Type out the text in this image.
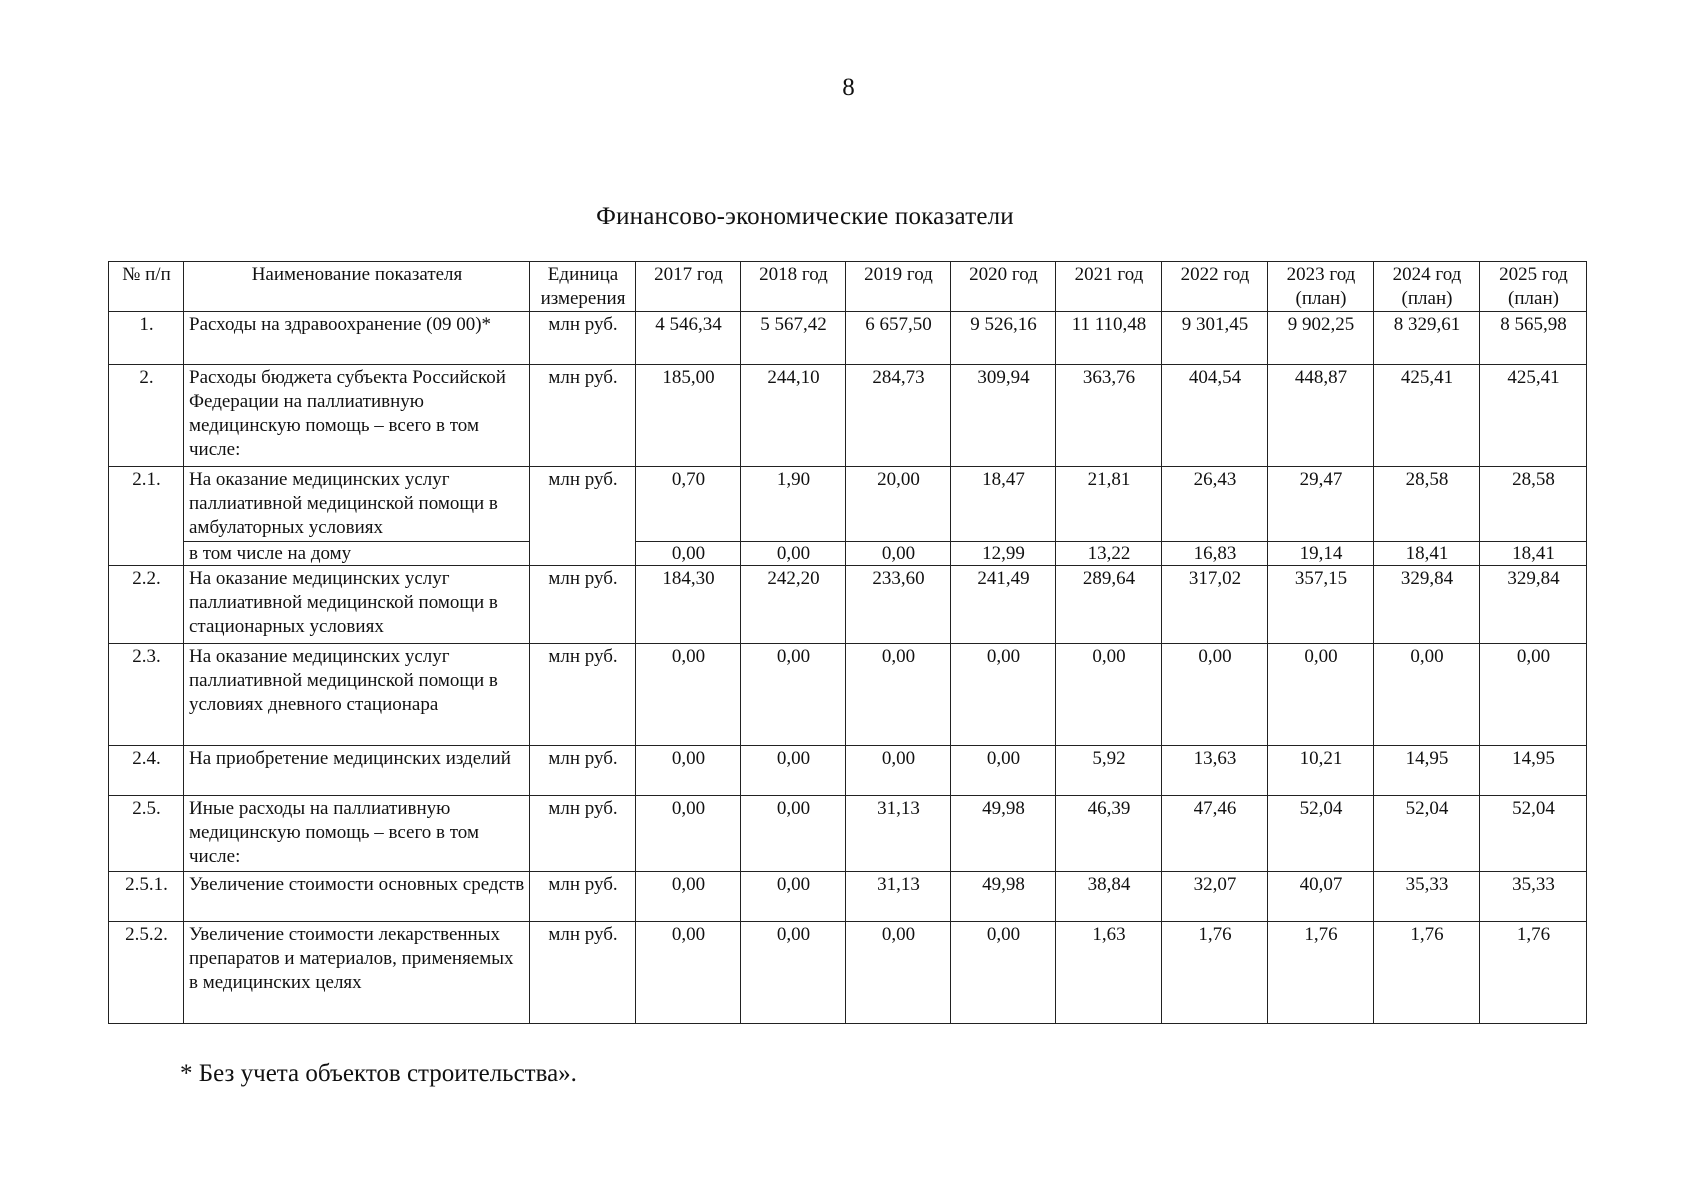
8
Финансово-экономические показатели
№ п/п	Наименование показателя	Единица измерения	2017 год	2018 год	2019 год	2020 год	2021 год	2022 год	2023 год (план)	2024 год (план)	2025 год (план)
1.	Расходы на здравоохранение (09 00)*	млн руб.	4 546,34	5 567,42	6 657,50	9 526,16	11 110,48	9 301,45	9 902,25	8 329,61	8 565,98
2.	Расходы бюджета субъекта Российской Федерации на паллиативную медицинскую помощь – всего в том числе:	млн руб.	185,00	244,10	284,73	309,94	363,76	404,54	448,87	425,41	425,41
2.1.	На оказание медицинских услуг паллиативной медицинской помощи в амбулаторных условиях	млн руб.	0,70	1,90	20,00	18,47	21,81	26,43	29,47	28,58	28,58
	в том числе на дому		0,00	0,00	0,00	12,99	13,22	16,83	19,14	18,41	18,41
2.2.	На оказание медицинских услуг паллиативной медицинской помощи в стационарных условиях	млн руб.	184,30	242,20	233,60	241,49	289,64	317,02	357,15	329,84	329,84
2.3.	На оказание медицинских услуг паллиативной медицинской помощи в условиях дневного стационара	млн руб.	0,00	0,00	0,00	0,00	0,00	0,00	0,00	0,00	0,00
2.4.	На приобретение медицинских изделий	млн руб.	0,00	0,00	0,00	0,00	5,92	13,63	10,21	14,95	14,95
2.5.	Иные расходы на паллиативную медицинскую помощь – всего в том числе:	млн руб.	0,00	0,00	31,13	49,98	46,39	47,46	52,04	52,04	52,04
2.5.1.	Увеличение стоимости основных средств	млн руб.	0,00	0,00	31,13	49,98	38,84	32,07	40,07	35,33	35,33
2.5.2.	Увеличение стоимости лекарственных препаратов и материалов, применяемых в медицинских целях	млн руб.	0,00	0,00	0,00	0,00	1,63	1,76	1,76	1,76	1,76
* Без учета объектов строительства».
